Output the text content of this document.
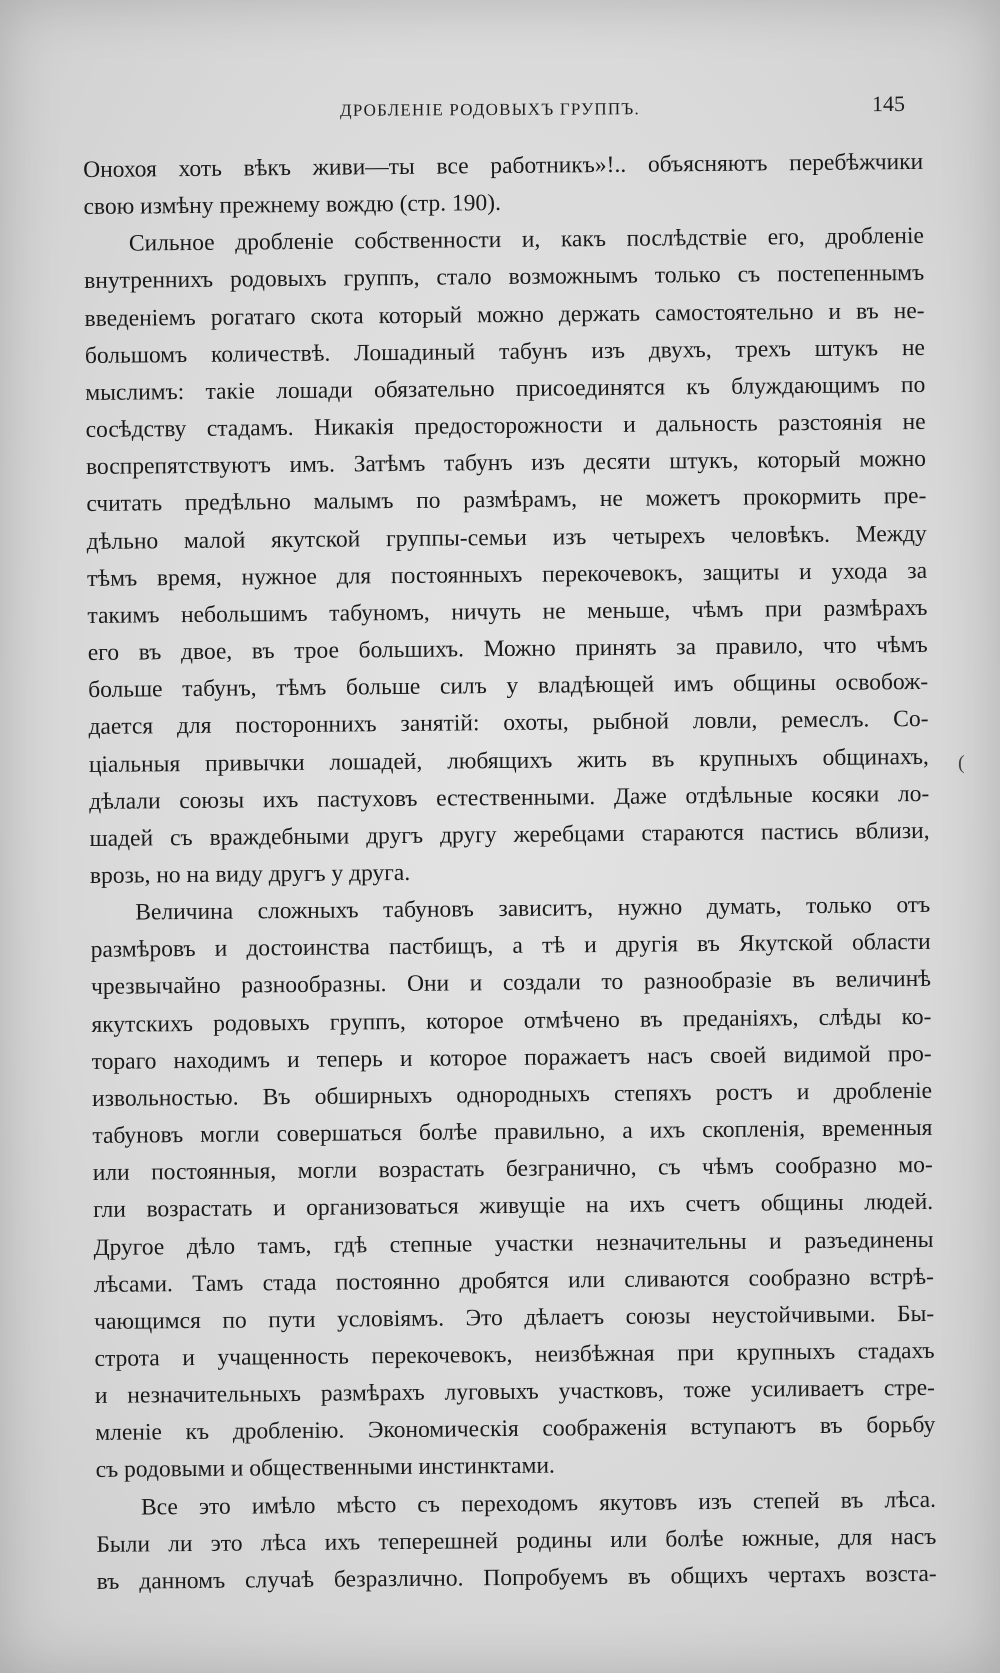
ДРОБЛЕНІЕ РОДОВЫХЪ ГРУППЪ.	145
Онохоя хоть вѣкъ живи—ты все работникъ»!.. объясняютъ перебѣжчики
свою измѣну прежнему вождю (стр. 190).
Сильное дробленіе собственности и, какъ послѣдствіе его, дробленіе
внутреннихъ родовыхъ группъ, стало возможнымъ только съ постепеннымъ
введеніемъ рогатаго скота который можно держать самостоятельно и въ не-
большомъ количествѣ. Лошадиный табунъ изъ двухъ, трехъ штукъ не
мыслимъ: такіе лошади обязательно присоединятся къ блуждающимъ по
сосѣдству стадамъ. Никакія предосторожности и дальность разстоянія не
воспрепятствуютъ имъ. Затѣмъ табунъ изъ десяти штукъ, который можно
считать предѣльно малымъ по размѣрамъ, не можетъ прокормить пре-
дѣльно малой якутской группы-семьи изъ четырехъ человѣкъ. Между
тѣмъ время, нужное для постоянныхъ перекочевокъ, защиты и ухода за
такимъ небольшимъ табуномъ, ничуть не меньше, чѣмъ при размѣрахъ
его въ двое, въ трое большихъ. Можно принять за правило, что чѣмъ
больше табунъ, тѣмъ больше силъ у владѣющей имъ общины освобож-
дается для постороннихъ занятій: охоты, рыбной ловли, ремеслъ. Со-
ціальныя привычки лошадей, любящихъ жить въ крупныхъ общинахъ,
дѣлали союзы ихъ пастуховъ естественными. Даже отдѣльные косяки ло-
шадей съ враждебными другъ другу жеребцами стараются пастись вблизи,
врозь, но на виду другъ у друга.
Величина сложныхъ табуновъ зависитъ, нужно думать, только отъ
размѣровъ и достоинства пастбищъ, а тѣ и другія въ Якутской области
чрезвычайно разнообразны. Они и создали то разнообразіе въ величинѣ
якутскихъ родовыхъ группъ, которое отмѣчено въ преданіяхъ, слѣды ко-
тораго находимъ и теперь и которое поражаетъ насъ своей видимой про-
извольностью. Въ обширныхъ однородныхъ степяхъ ростъ и дробленіе
табуновъ могли совершаться болѣе правильно, а ихъ скопленія, временныя
или постоянныя, могли возрастать безгранично, съ чѣмъ сообразно мо-
гли возрастать и организоваться живущіе на ихъ счетъ общины людей.
Другое дѣло тамъ, гдѣ степные участки незначительны и разъединены
лѣсами. Тамъ стада постоянно дробятся или сливаются сообразно встрѣ-
чающимся по пути условіямъ. Это дѣлаетъ союзы неустойчивыми. Бы-
строта и учащенность перекочевокъ, неизбѣжная при крупныхъ стадахъ
и незначительныхъ размѣрахъ луговыхъ участковъ, тоже усиливаетъ стре-
мленіе къ дробленію. Экономическія соображенія вступаютъ въ борьбу
съ родовыми и общественными инстинктами.
Все это имѣло мѣсто съ переходомъ якутовъ изъ степей въ лѣса.
Были ли это лѣса ихъ теперешней родины или болѣе южные, для насъ
въ данномъ случаѣ безразлично. Попробуемъ въ общихъ чертахъ возста-
(
